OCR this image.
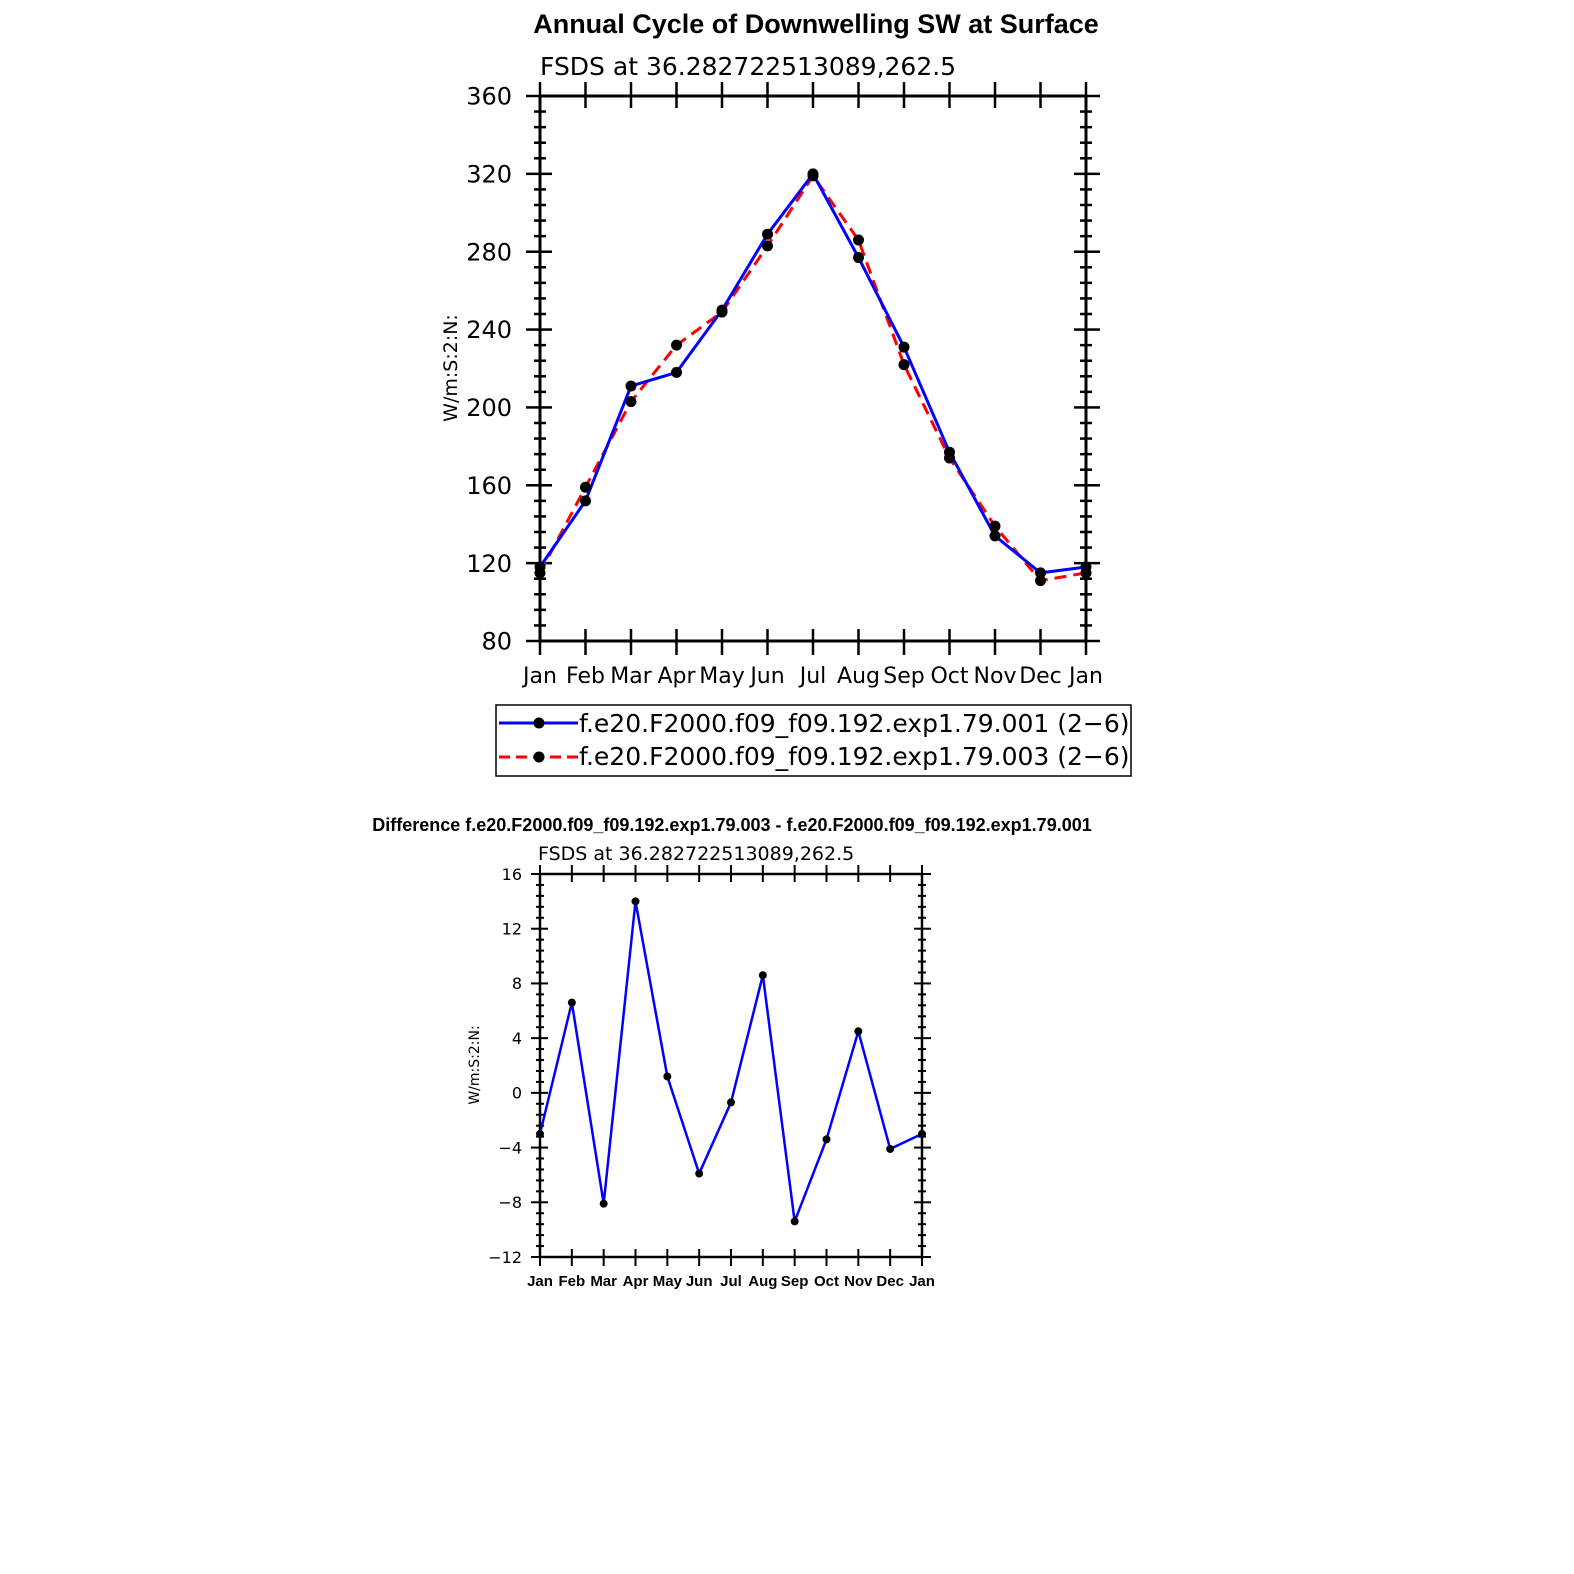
Annual Cycle of Downwelling SW at Surface
FSDS at 36.282722513089,262.5
W/m:S:2:N:
Jan Feb Mar Apr May Jun Jul Aug Sep Oct Nov Dec Jan
80
120
160
200
240
280
320
360
f.e20.F2000.f09_f09.192.exp1.79.001 (2−6)
f.e20.F2000.f09_f09.192.exp1.79.003 (2−6)
Difference f.e20.F2000.f09_f09.192.exp1.79.003 - f.e20.F2000.f09_f09.192.exp1.79.001
FSDS at 36.282722513089,262.5
W/m:S:2:N:
Jan Feb Mar Apr May Jun Jul Aug Sep Oct Nov Dec Jan
−12
−8
−4
0
4
8
12
16
